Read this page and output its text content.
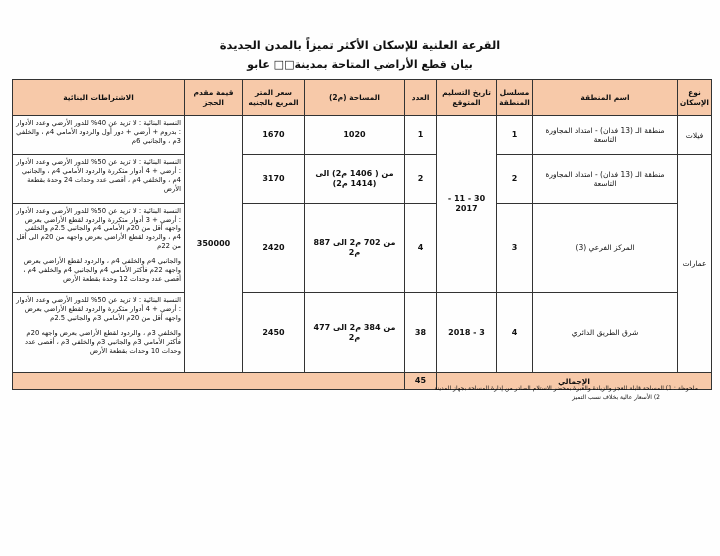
القرعة العلنية للإسكان الأكثر تميزاً بالمدن الجديدة
بيان قطع الأراضي المتاحة بمدينة□□ عابو
نوع الإسكان	اسم المنطقة	مسلسل المنطقة	تاريخ التسليم المتوقع	العدد	المساحة (م2)	سعر المتر المربع بالجنيه	قيمة مقدم الحجز	الاشتراطات البنائية
فيلات	منطقة الـ (13 فدان) - امتداد المجاورة التاسعة	1	30 - 11 - 2017	1	1020	1670	350000	النسبة البنائية : لا تزيد عن 40% للدور الأرضي وعدد الأدوار : بدروم + أرضي + دور أول والردود الأمامي 4م ، والخلفي 3م ، والجانبي 6م

عمارات	منطقة الـ (13 فدان) - امتداد المجاورة التاسعة	2		2	من ( 1406 م2) الى (1414 م2)	3170		النسبة البنائية : لا تزيد عن 50% للدور الأرضي وعدد الأدوار : أرضي + 4 أدوار متكررة والردود الأمامي 4م ، والجانبي 4م ، والخلفي 4م ، أقصى عدد وحدات 24 وحدة بقطعة الأرض

	المركز الفرعي (3)	3		4	من 702 م2 الى 887 م2	2420		النسبة البنائية : لا تزيد عن 50% للدور الأرضي وعدد الأدوار : أرضي + 3 أدوار متكررة والردود لقطع الأراضي بعرض واجهه أقل من 20م الأمامي 4م والجانبي 2.5م والخلفي 4م ، والردود لقطع الأراضي بعرض واجهه من 20م الى أقل من 22م

والجانبي 4م والخلفي 4م ، والردود لقطع الأراضي بعرض واجهه 22م فأكثر الأمامي 4م والجانبي 4م والخلفي 4م ، أقصى عدد وحدات 12 وحدة بقطعة الأرض

	شرق الطريق الدائري	4	3 - 2018	38	من 384 م2 الى 477 م2	2450		النسبة البنائية : لا تزيد عن 50% للدور الأرضي وعدد الأدوار : أرضي + 4 أدوار متكررة والردود لقطع الأراضي بعرض واجهه أقل من 20م الأمامي 3م والجانبي 2.5م

والخلفي 3م ، والردود لقطع الأراضي بعرض واجهه 20م فأكثر الأمامي 3م والجانبي 3م والخلفي 3م ، أقصى عدد وحدات 10 وحدات بقطعة الأرض

الإجمالي				45				
ملحوظة : 1) المساحة قابلة للعجز والزيادة والعبرة بمحضر الاستلام الصادر من إدارة المساحة بجهاز المدينة
2) الأسعار عالية بخلاف نسب التميز
